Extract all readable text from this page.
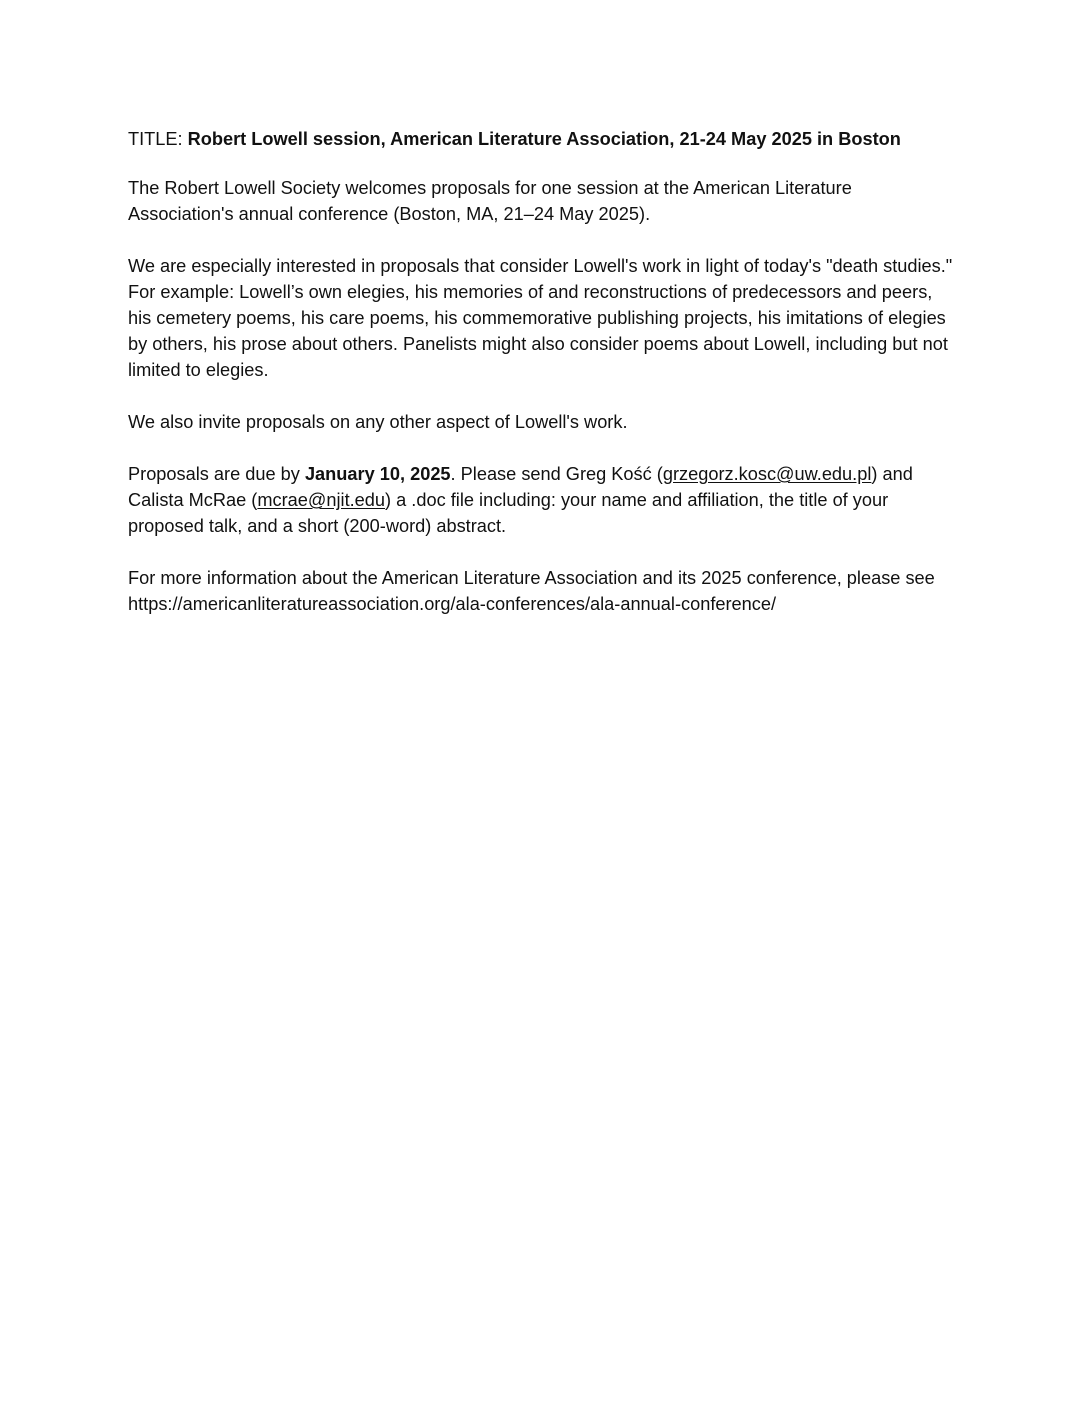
TITLE: Robert Lowell session, American Literature Association, 21-24 May 2025 in Boston

The Robert Lowell Society welcomes proposals for one session at the American Literature Association's annual conference (Boston, MA, 21–24 May 2025).

We are especially interested in proposals that consider Lowell's work in light of today's "death studies." For example: Lowell’s own elegies, his memories of and reconstructions of predecessors and peers, his cemetery poems, his care poems, his commemorative publishing projects, his imitations of elegies by others, his prose about others. Panelists might also consider poems about Lowell, including but not limited to elegies.

We also invite proposals on any other aspect of Lowell's work.

Proposals are due by January 10, 2025. Please send Greg Kość (grzegorz.kosc@uw.edu.pl) and Calista McRae (mcrae@njit.edu) a .doc file including: your name and affiliation, the title of your proposed talk, and a short (200-word) abstract.

For more information about the American Literature Association and its 2025 conference, please see https://americanliteratureassociation.org/ala-conferences/ala-annual-conference/
